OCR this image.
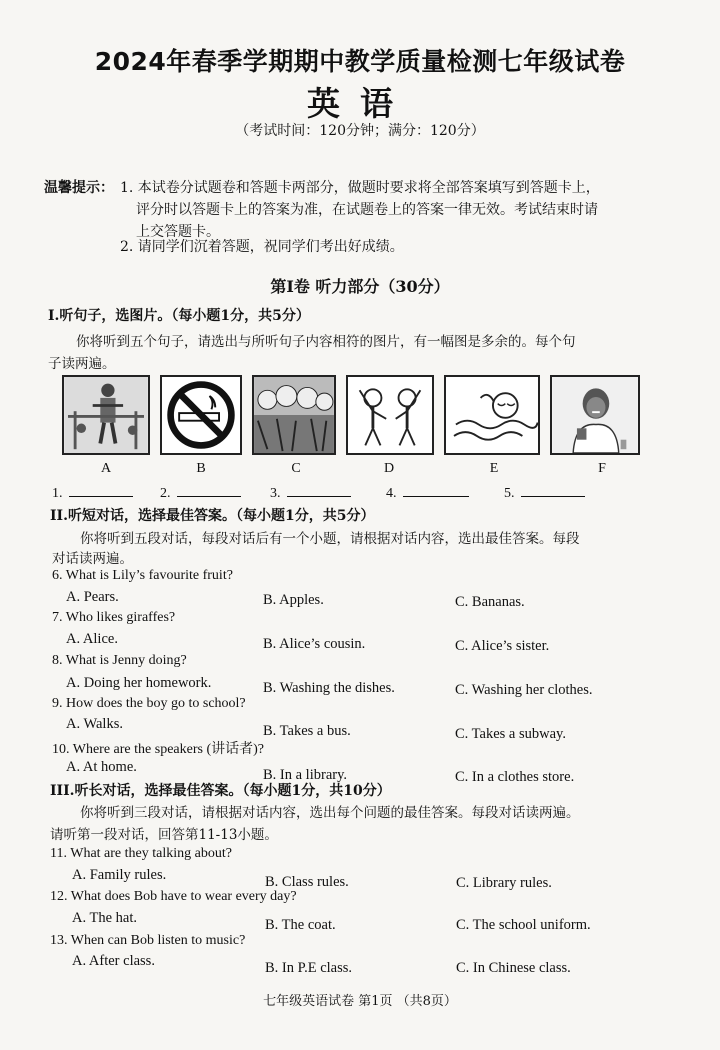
2024年春季学期期中教学质量检测七年级试卷
英语
（考试时间：120分钟；满分：120分）
温馨提示： 1. 本试卷分试题卷和答题卡两部分，做题时要求将全部答案填写到答题卡上，
评分时以答题卡上的答案为准，在试题卷上的答案一律无效。考试结束时请
上交答题卡。
2. 请同学们沉着答题，祝同学们考出好成绩。
第Ⅰ卷 听力部分（30分）
I.听句子，选图片。（每小题1分，共5分）
你将听到五个句子，请选出与所听句子内容相符的图片，有一幅图是多余的。每个句
子读两遍。
A	B	C	D	E	F
1.	2.	3.	4.	5.
II.听短对话，选择最佳答案。（每小题1分，共5分）
你将听到五段对话，每段对话后有一个小题，请根据对话内容，选出最佳答案。每段
对话读两遍。
6. What is Lily’s favourite fruit?
A. Pears.	B. Apples.	C. Bananas.
7. Who likes giraffes?
A. Alice.	B. Alice’s cousin.	C. Alice’s sister.
8. What is Jenny doing?
A. Doing her homework.	B. Washing the dishes.	C. Washing her clothes.
9. How does the boy go to school?
A. Walks.	B. Takes a bus.	C. Takes a subway.
10. Where are the speakers (讲话者)?
A. At home.	B. In a library.	C. In a clothes store.
III.听长对话，选择最佳答案。（每小题1分，共10分）
你将听到三段对话，请根据对话内容，选出每个问题的最佳答案。每段对话读两遍。
请听第一段对话，回答第11-13小题。
11. What are they talking about?
A. Family rules.	B. Class rules.	C. Library rules.
12. What does Bob have to wear every day?
A. The hat.	B. The coat.	C. The school uniform.
13. When can Bob listen to music?
A. After class.	B. In P.E class.	C. In Chinese class.
七年级英语试卷 第1页 （共8页）
